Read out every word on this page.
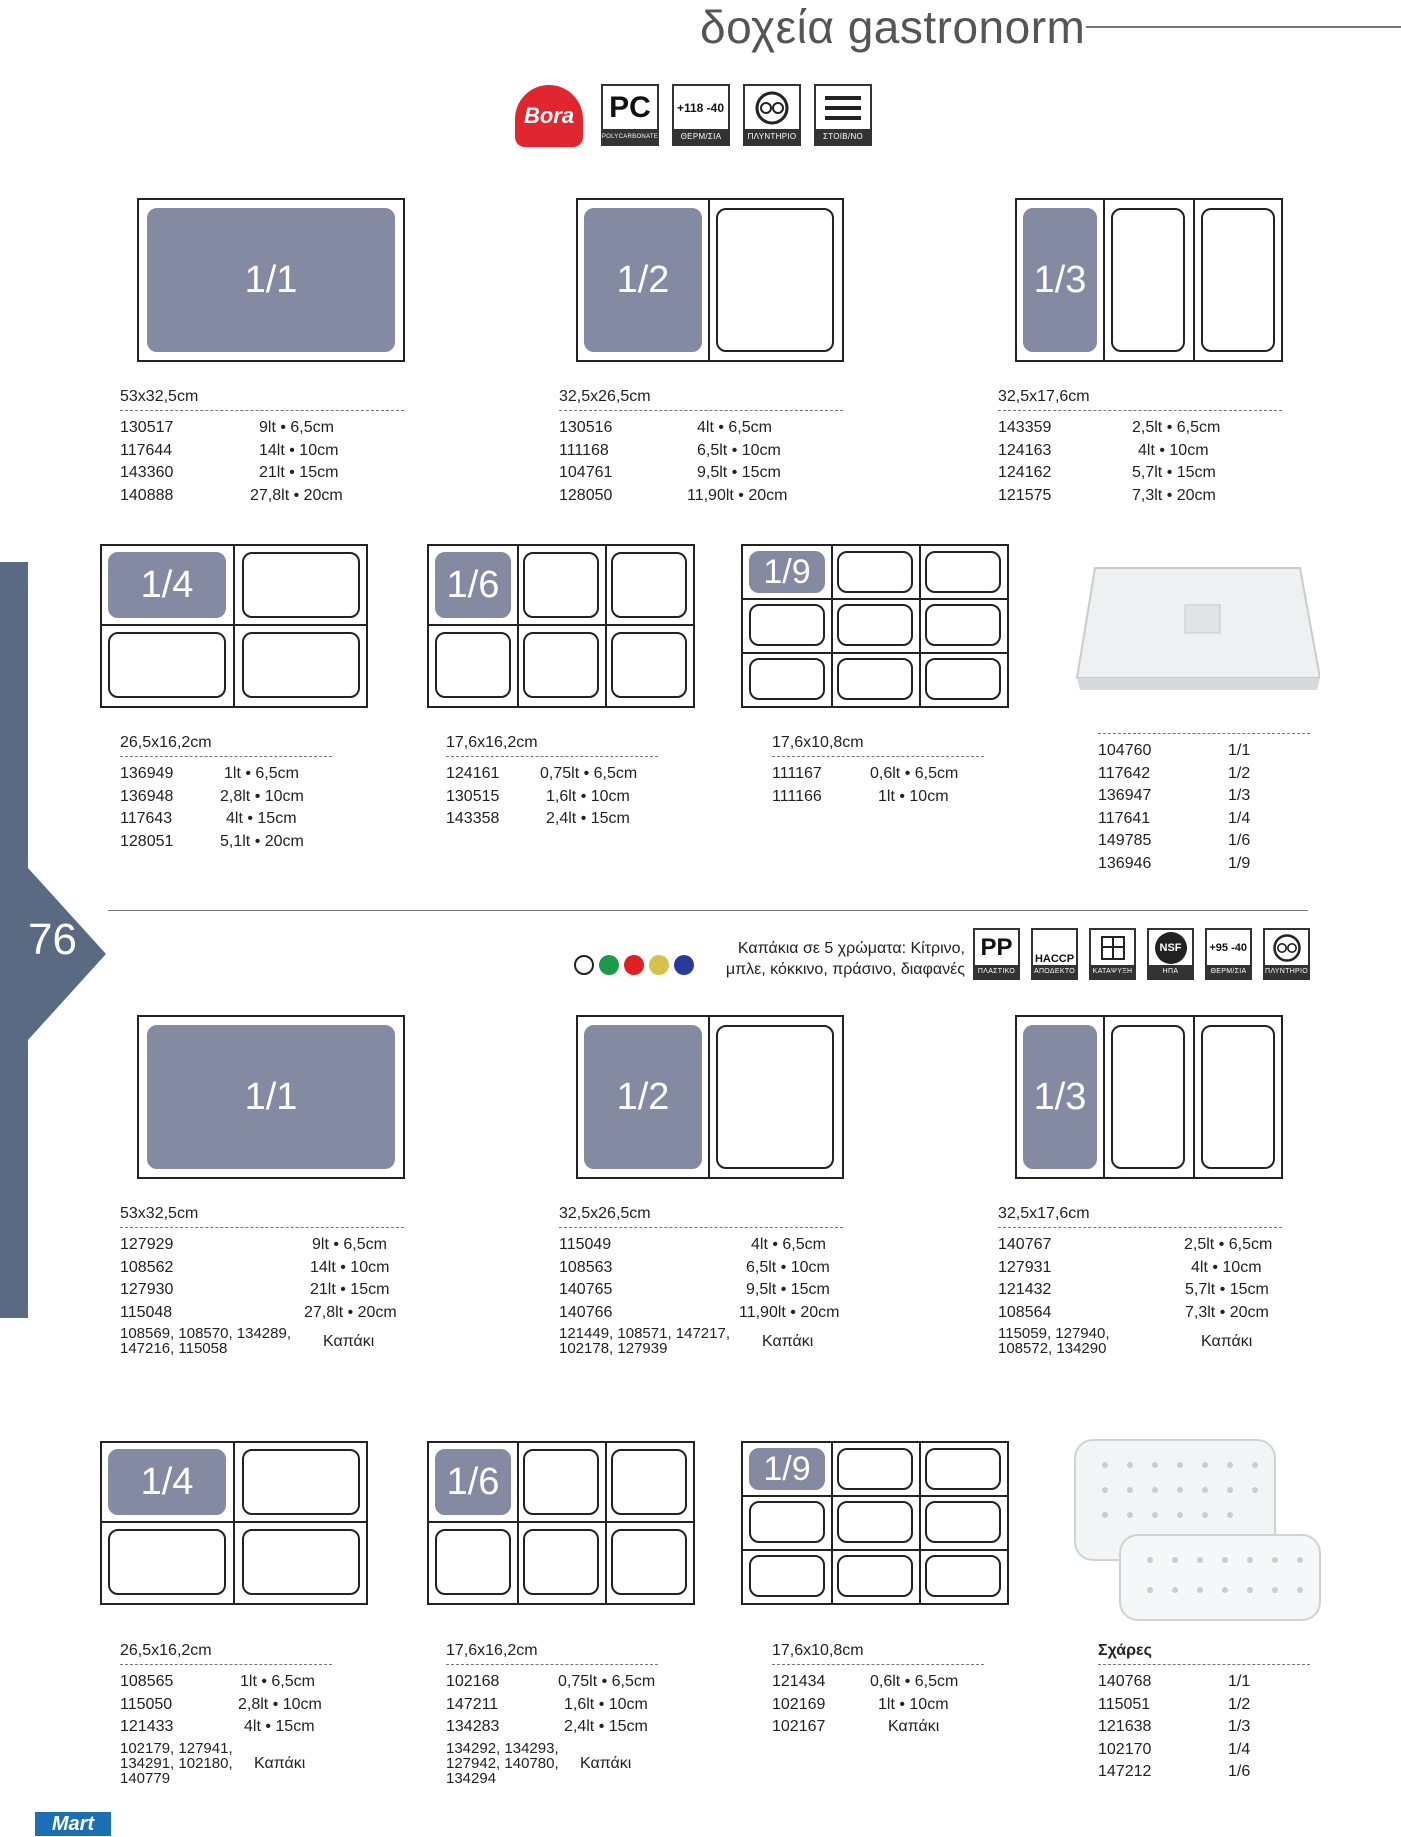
δοχεία gastronorm
76
Bora PC
POLYCARBONATE
+118 -40
ΘΕΡΜ/ΣΙΑ	ΠΛΥΝΤΗΡΙΟ	ΣΤΟΙΒ/ΝΟ
1/1	1/2	1/3
53x32,5cm
130517	9lt • 6,5cm
117644	14lt • 10cm
143360	21lt • 15cm
140888	27,8lt • 20cm
32,5x26,5cm
130516	4lt • 6,5cm
111168	6,5lt • 10cm
104761	9,5lt • 15cm
128050	11,90lt • 20cm
32,5x17,6cm
143359	2,5lt • 6,5cm
124163	4lt • 10cm
124162	5,7lt • 15cm
121575	7,3lt • 20cm
1/4	1/6	1/9
26,5x16,2cm
136949	1lt • 6,5cm
136948	2,8lt • 10cm
117643	4lt • 15cm
128051	5,1lt • 20cm
17,6x16,2cm
124161	0,75lt • 6,5cm
130515	1,6lt • 10cm
143358	2,4lt • 15cm
17,6x10,8cm
111167	0,6lt • 6,5cm
111166	1lt • 10cm
104760	1/1
117642	1/2
136947	1/3
117641	1/4
149785	1/6
136946	1/9
Καπάκια σε 5 χρώματα: Κίτρινο,
μπλε, κόκκινο, πράσινο, διαφανές
PP
ΠΛΑΣΤΙΚΟ
HACCP
ΑΠΟΔΕΚΤΟ	ΚΑΤΑΨΥΞΗ
NSF
ΗΠΑ
+95 -40
ΘΕΡΜ/ΣΙΑ	ΠΛΥΝΤΗΡΙΟ
1/1	1/2	1/3
53x32,5cm
127929	9lt • 6,5cm
108562	14lt • 10cm
127930	21lt • 15cm
115048	27,8lt • 20cm
108569, 108570, 134289,
147216, 115058	Καπάκι
32,5x26,5cm
115049	4lt • 6,5cm
108563	6,5lt • 10cm
140765	9,5lt • 15cm
140766	11,90lt • 20cm
121449, 108571, 147217,
102178, 127939	Καπάκι
32,5x17,6cm
140767	2,5lt • 6,5cm
127931	4lt • 10cm
121432	5,7lt • 15cm
108564	7,3lt • 20cm
115059, 127940,
108572, 134290	Καπάκι
1/4	1/6	1/9
26,5x16,2cm
108565	1lt • 6,5cm
115050	2,8lt • 10cm
121433	4lt • 15cm
102179, 127941,
134291, 102180,
140779
Καπάκι
17,6x16,2cm
102168	0,75lt • 6,5cm
147211	1,6lt • 10cm
134283	2,4lt • 15cm
134292, 134293,
127942, 140780,
134294
Καπάκι
17,6x10,8cm
121434	0,6lt • 6,5cm
102169	1lt • 10cm
102167	Καπάκι
Σχάρες
140768	1/1
115051	1/2
121638	1/3
102170	1/4
147212	1/6
Mart
